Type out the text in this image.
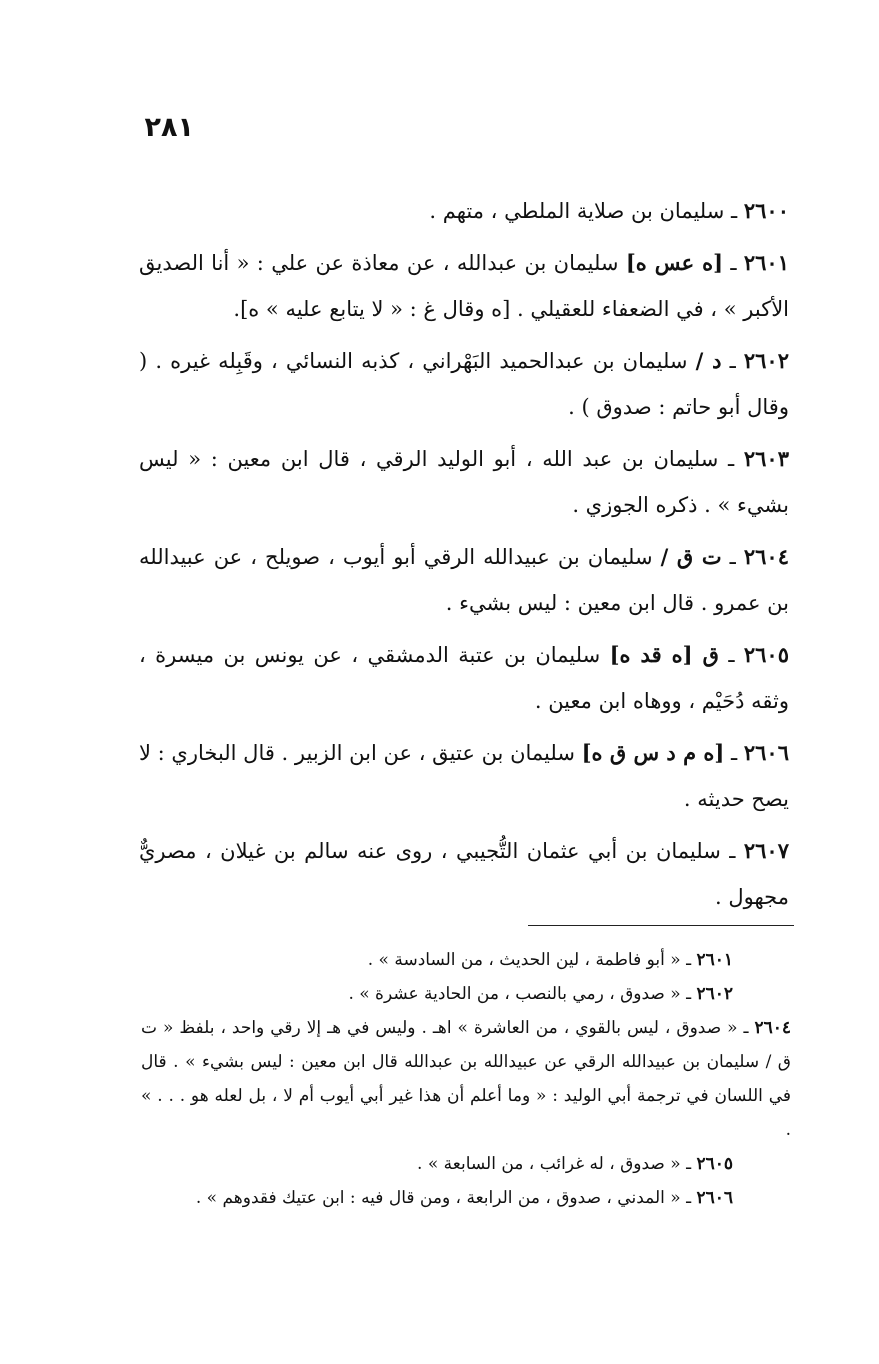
٢٨١

٢٦٠٠ ـ سليمان بن صلاية الملطي ، متهم .

٢٦٠١ ـ [ه عس ه] سليمان بن عبدالله ، عن معاذة عن علي : « أنا الصديق الأكبر » ، في الضعفاء للعقيلي . [ه وقال غ : « لا يتابع عليه » ه].

٢٦٠٢ ـ د / سليمان بن عبدالحميد البَهْراني ، كذبه النسائي ، وقَبِله غيره . ( وقال أبو حاتم : صدوق ) .

٢٦٠٣ ـ سليمان بن عبد الله ، أبو الوليد الرقي ، قال ابن معين : « ليس بشيء » . ذكره الجوزي .

٢٦٠٤ ـ ت ق / سليمان بن عبيدالله الرقي أبو أيوب ، صويلح ، عن عبيدالله بن عمرو . قال ابن معين : ليس بشيء .

٢٦٠٥ ـ ق [ه قد ه] سليمان بن عتبة الدمشقي ، عن يونس بن ميسرة ، وثقه دُحَيْم ، ووهاه ابن معين .

٢٦٠٦ ـ [ه م د س ق ه] سليمان بن عتيق ، عن ابن الزبير . قال البخاري : لا يصح حديثه .

٢٦٠٧ ـ سليمان بن أبي عثمان التُّجيبي ، روى عنه سالم بن غيلان ، مصريٌّ مجهول .

٢٦٠١ ـ « أبو فاطمة ، لين الحديث ، من السادسة » .

٢٦٠٢ ـ « صدوق ، رمي بالنصب ، من الحادية عشرة » .

٢٦٠٤ ـ « صدوق ، ليس بالقوي ، من العاشرة » اهـ . وليس في هـ إلا رقي واحد ، بلفظ « ت ق / سليمان بن عبيدالله الرقي عن عبيدالله بن عبدالله قال ابن معين : ليس بشيء » . قال في اللسان في ترجمة أبي الوليد : « وما أعلم أن هذا غير أبي أيوب أم لا ، بل لعله هو . . . » .

٢٦٠٥ ـ « صدوق ، له غرائب ، من السابعة » .

٢٦٠٦ ـ « المدني ، صدوق ، من الرابعة ، ومن قال فيه : ابن عتيك فقدوهم » .
